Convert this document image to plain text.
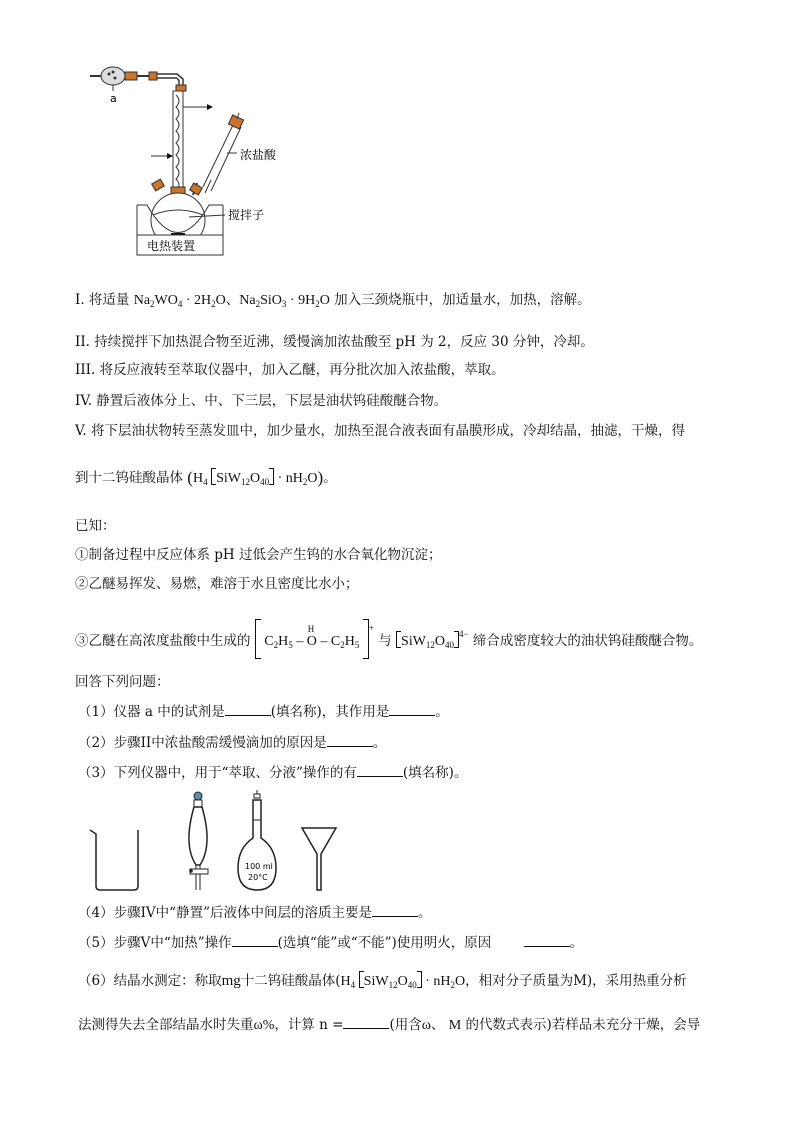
a
浓盐酸
搅拌子
电热装置
I. 将适量 $Na_2WO_4 \cdot 2H_2O$、$Na_2SiO_3 \cdot 9H_2O$ 加入三颈烧瓶中，加适量水，加热，溶解。
II. 持续搅拌下加热混合物至近沸，缓慢滴加浓盐酸至 pH 为 2，反应 30 分钟，冷却。
III. 将反应液转至萃取仪器中，加入乙醚，再分批次加入浓盐酸，萃取。
IV. 静置后液体分上、中、下三层，下层是油状钨硅酸醚合物。
V. 将下层油状物转至蒸发皿中，加少量水，加热至混合液表面有晶膜形成，冷却结晶，抽滤，干燥，得
到十二钨硅酸晶体 ($H_4$ $SiW_{12}O_{40} \cdot nH_2O$)。
已知：
①制备过程中反应体系 pH 过低会产生钨的水合氧化物沉淀；
②乙醚易挥发、易燃，难溶于水且密度比水小；
③乙醚在高浓度盐酸中生成的  $C_2H_5$ – O
H
– $C_2H_5$ + 与 $SiW_{12}O_{40}^{4-}$ 缔合成密度较大的油状钨硅酸醚合物。
回答下列问题：
（1）仪器 a 中的试剂是	(填名称)，其作用是	。
（2）步骤II中浓盐酸需缓慢滴加的原因是	。
（3）下列仪器中，用于“萃取、分液”操作的有	(填名称)。
100 ml
20°C
（4）步骤IV中“静置”后液体中间层的溶质主要是	。
（5）步骤V中“加热”操作	(选填“能”或“不能”)使用明火，原因	。
（6）结晶水测定：称取mg十二钨硅酸晶体($H_4$ $SiW_{12}O_{40} \cdot nH_2O$，相对分子质量为M)，采用热重分析
法测得失去全部结晶水时失重ω%，计算 n =	(用含ω、 M 的代数式表示)若样品未充分干燥，会导
